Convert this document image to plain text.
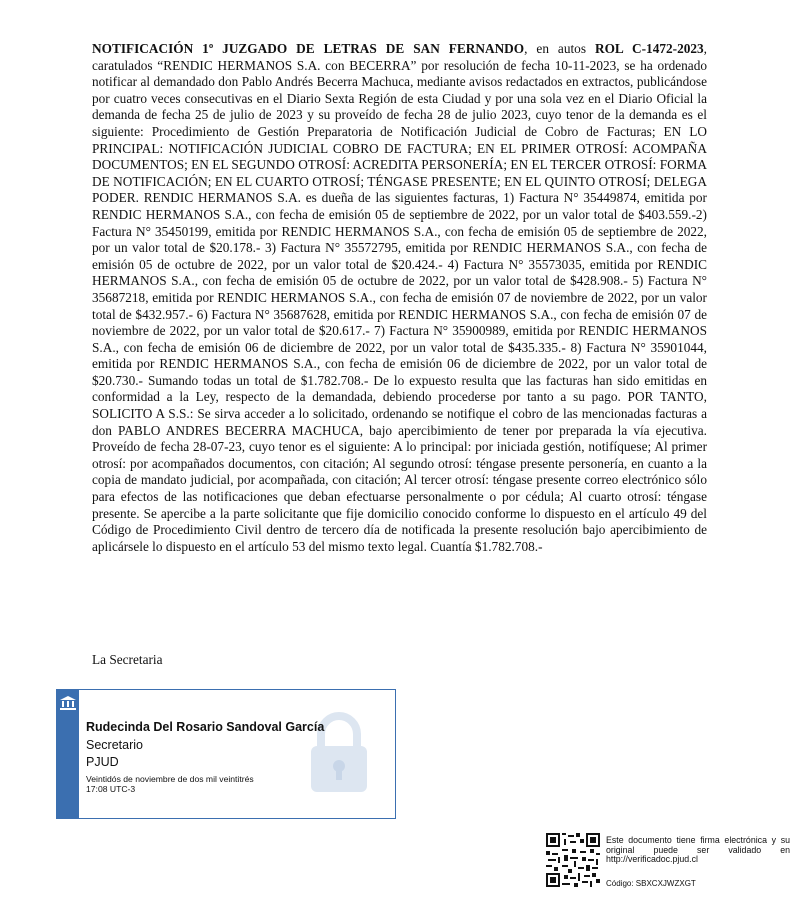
NOTIFICACIÓN 1º JUZGADO DE LETRAS DE SAN FERNANDO, en autos ROL C-1472-2023, caratulados “RENDIC HERMANOS S.A. con BECERRA” por resolución de fecha 10-11-2023, se ha ordenado notificar al demandado don Pablo Andrés Becerra Machuca, mediante avisos redactados en extractos, publicándose por cuatro veces consecutivas en el Diario Sexta Región de esta Ciudad y por una sola vez en el Diario Oficial la demanda de fecha 25 de julio de 2023 y su proveído de fecha 28 de julio 2023, cuyo tenor de la demanda es el siguiente: Procedimiento de Gestión Preparatoria de Notificación Judicial de Cobro de Facturas; EN LO PRINCIPAL: NOTIFICACIÓN JUDICIAL COBRO DE FACTURA; EN EL PRIMER OTROSÍ: ACOMPAÑA DOCUMENTOS; EN EL SEGUNDO OTROSÍ: ACREDITA PERSONERÍA; EN EL TERCER OTROSÍ: FORMA DE NOTIFICACIÓN; EN EL CUARTO OTROSÍ; TÉNGASE PRESENTE; EN EL QUINTO OTROSÍ; DELEGA PODER. RENDIC HERMANOS S.A. es dueña de las siguientes facturas, 1) Factura N° 35449874, emitida por RENDIC HERMANOS S.A., con fecha de emisión 05 de septiembre de 2022, por un valor total de $403.559.-2) Factura N° 35450199, emitida por RENDIC HERMANOS S.A., con fecha de emisión 05 de septiembre de 2022, por un valor total de $20.178.- 3) Factura N° 35572795, emitida por RENDIC HERMANOS S.A., con fecha de emisión 05 de octubre de 2022, por un valor total de $20.424.- 4) Factura N° 35573035, emitida por RENDIC HERMANOS S.A., con fecha de emisión 05 de octubre de 2022, por un valor total de $428.908.- 5) Factura N° 35687218, emitida por RENDIC HERMANOS S.A., con fecha de emisión 07 de noviembre de 2022, por un valor total de $432.957.- 6) Factura N° 35687628, emitida por RENDIC HERMANOS S.A., con fecha de emisión 07 de noviembre de 2022, por un valor total de $20.617.- 7) Factura N° 35900989, emitida por RENDIC HERMANOS S.A., con fecha de emisión 06 de diciembre de 2022, por un valor total de $435.335.- 8) Factura N° 35901044, emitida por RENDIC HERMANOS S.A., con fecha de emisión 06 de diciembre de 2022, por un valor total de $20.730.- Sumando todas un total de $1.782.708.- De lo expuesto resulta que las facturas han sido emitidas en conformidad a la Ley, respecto de la demandada, debiendo procederse por tanto a su pago. POR TANTO, SOLICITO A S.S.: Se sirva acceder a lo solicitado, ordenando se notifique el cobro de las mencionadas facturas a don PABLO ANDRES BECERRA MACHUCA, bajo apercibimiento de tener por preparada la vía ejecutiva. Proveído de fecha 28-07-23, cuyo tenor es el siguiente: A lo principal: por iniciada gestión, notifíquese; Al primer otrosí: por acompañados documentos, con citación; Al segundo otrosí: téngase presente personería, en cuanto a la copia de mandato judicial, por acompañada, con citación; Al tercer otrosí: téngase presente correo electrónico sólo para efectos de las notificaciones que deban efectuarse personalmente o por cédula; Al cuarto otrosí: téngase presente. Se apercibe a la parte solicitante que fije domicilio conocido conforme lo dispuesto en el artículo 49 del Código de Procedimiento Civil dentro de tercero día de notificada la presente resolución bajo apercibimiento de aplicársele lo dispuesto en el artículo 53 del mismo texto legal. Cuantía $1.782.708.-
La Secretaria
Rudecinda Del Rosario Sandoval García
Secretario
PJUD
Veintidós de noviembre de dos mil veintitrés
17:08 UTC-3
Este documento tiene firma electrónica y su original puede ser validado en http://verificadoc.pjud.cl
Código: SBXCXJWZXGT
